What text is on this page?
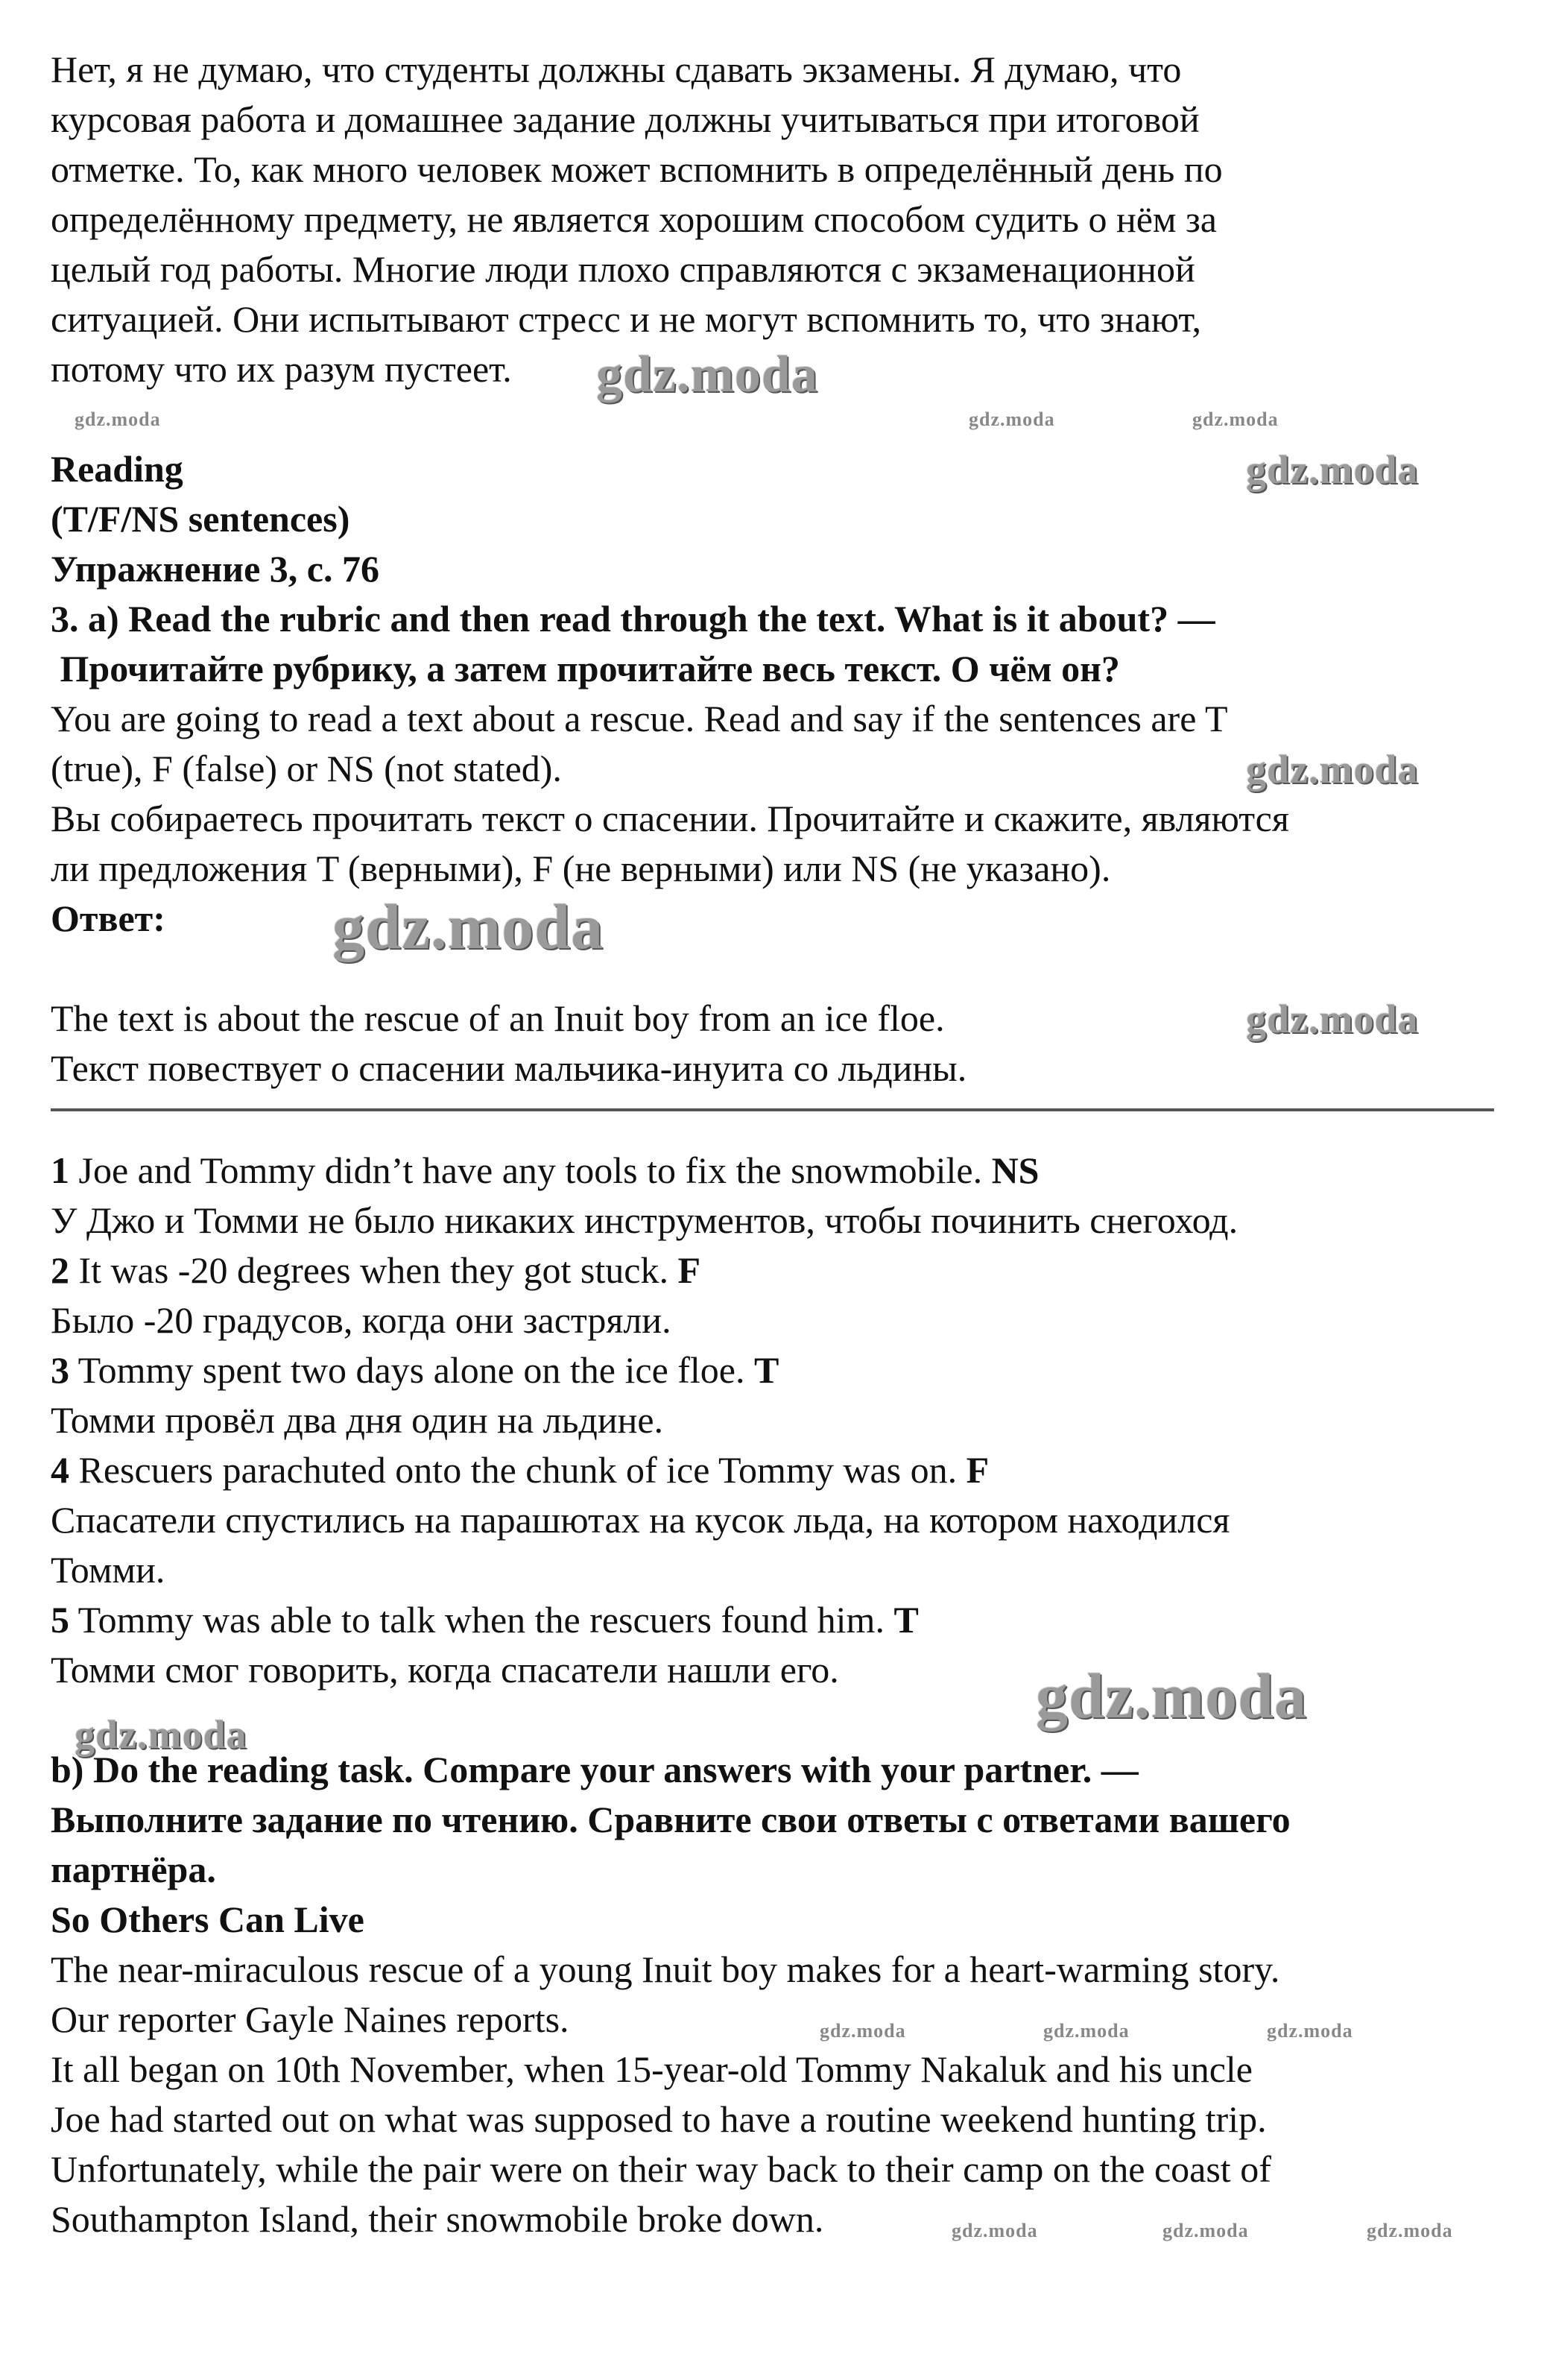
Нет, я не думаю, что студенты должны сдавать экзамены. Я думаю, что
курсовая работа и домашнее задание должны учитываться при итоговой
отметке. То, как много человек может вспомнить в определённый день по
определённому предмету, не является хорошим способом судить о нём за
целый год работы. Многие люди плохо справляются с экзаменационной
ситуацией. Они испытывают стресс и не могут вспомнить то, что знают,
потому что их разум пустеет.
Reading
(T/F/NS sentences)
Упражнение 3, с. 76
3. a) Read the rubric and then read through the text. What is it about? —
Прочитайте рубрику, а затем прочитайте весь текст. О чём он?
You are going to read a text about a rescue. Read and say if the sentences are T
(true), F (false) or NS (not stated).
Вы собираетесь прочитать текст о спасении. Прочитайте и скажите, являются
ли предложения T (верными), F (не верными) или NS (не указано).
Ответ:
The text is about the rescue of an Inuit boy from an ice floe.
Текст повествует о спасении мальчика-инуита со льдины.
1 Joe and Tommy didn’t have any tools to fix the snowmobile. NS
У Джо и Томми не было никаких инструментов, чтобы починить снегоход.
2 It was -20 degrees when they got stuck. F
Было -20 градусов, когда они застряли.
3 Tommy spent two days alone on the ice floe. T
Томми провёл два дня один на льдине.
4 Rescuers parachuted onto the chunk of ice Tommy was on. F
Спасатели спустились на парашютах на кусок льда, на котором находился
Томми.
5 Tommy was able to talk when the rescuers found him. T
Томми смог говорить, когда спасатели нашли его.
b) Do the reading task. Compare your answers with your partner. —
Выполните задание по чтению. Сравните свои ответы с ответами вашего
партнёра.
So Others Can Live
The near-miraculous rescue of a young Inuit boy makes for a heart-warming story.
Our reporter Gayle Naines reports.
It all began on 10th November, when 15-year-old Tommy Nakaluk and his uncle
Joe had started out on what was supposed to have a routine weekend hunting trip.
Unfortunately, while the pair were on their way back to their camp on the coast of
Southampton Island, their snowmobile broke down.
gdz.moda
gdz.moda	gdz.moda	gdz.moda
gdz.moda
gdz.moda
gdz.moda
gdz.moda
gdz.moda
gdz.moda
gdz.moda	gdz.moda	gdz.moda
gdz.moda	gdz.moda	gdz.moda
